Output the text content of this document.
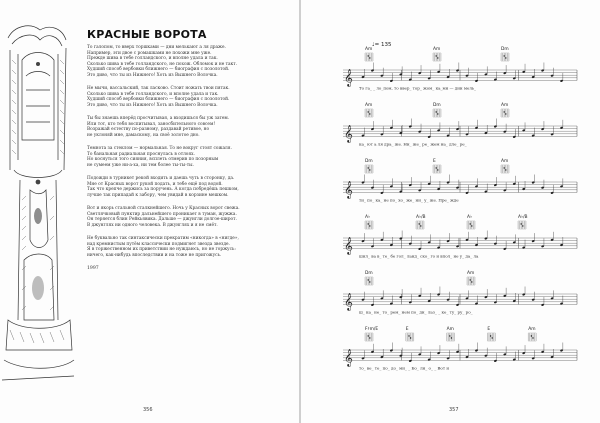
КРАСНЫЕ ВОРОТА
То галопом, то вверх торшками — дни мелькают а ля драже.
Например, эти двое с ромашками не похожи мне уже.
Прежде шива в тебе голландского, и вполне удала и так.
Сколько шива в тебе голландского, не похож. Обломок и не такт.
Худший способ вербовки ближнего — биография с позолотой.
Это диво, что ты из Нижнего! Хоть из Вышнего Волочка.
Не мычи, вассальский, так ласково. Стоит ножать твои пятак.
Сколько шива в тебе голландского, и вполне удала и так.
Худший способ вербовки ближнего — биография с позолотой.
Это диво, что ты из Нижнего! Хоть из Вышнего Волочка.
Ты бы знаешь вперёд просчитывая, а входишься бы уж затем.
Или тот, кто тебя воспитывал, заносбительного совсем!
Возражай естеству по-разному, раздавай ретивое, но
не уклоняй мне, дамаскому, на своё золотое дно.
Темнота за стеклом — нормальная. То не вокруг стоят сожаля.
То банальная радиальная проснулась в отлоях.
Но коснуться того сияния, всплеть отмерив по позорным
не сумеем уже ни-а-ха, ни тем более ты-ты-ты.
Подожди в турникет рекой входить и даешь чуть в сторонку, да.
Мне от Красных ворот рукой подать, и тебе ещё под водой.
Так что крепче держись за поручень. А когда побредёшь пешком,
лучше так припадай к забору, чем увидай в корзине мешком.
Вот и якорь стальной сталкнейшего. Ночь у Красных ворот свежа.
Светлячковый пунктир дальнейшего проникает в туман, жужжа.
Он теряется блин Рейкьявика. Дальше — джунгли долгое-широт.
В джунглях ни одного человека. В джунглях и я не смёт.
Не буквально так синтаксически прекратим «никогда» в «нигде»,
над кремнистым путём классически подмигнет звезда звезде.
Я в торжественном их приветствии не нуждаюсь, но не горжусь:
ничего, как-нибудь впоследствии и на тоже не пригожусь.
1997
356
♩= 135
𝄞
Am	Am	Dm
То га_ _ ло_пом, то ввер_ тор_ жом_ ка_ми — дни мель_
𝄞
Am	Dm	Am
ка_ ют а ля дра_ же. Ни_ же_ ре_ жем на_ дле_ ре_
𝄞
Dm	E	Am
ти_ по_ ка_ не по_ хо_ же_ ни_ у_ же. Пре_ жде
𝄞
A♭	A♭/B	A♭	A♭/B
шил_ ва в_ те_ бе гол_ ланд_ ско_ го и впол_ не у_ да_ ла
𝄞
Dm	Am
ш_ ка_ не_ то_ рем_ нем по_ ди_ лаз_ _ ке_ ту_ ру_ ро_
𝄞
F♯m/E	E	Am	E	Am
то_ ве_ те_ по_ до_ ми_ _ Бо_ ли_ о_ _ Вот и
357
